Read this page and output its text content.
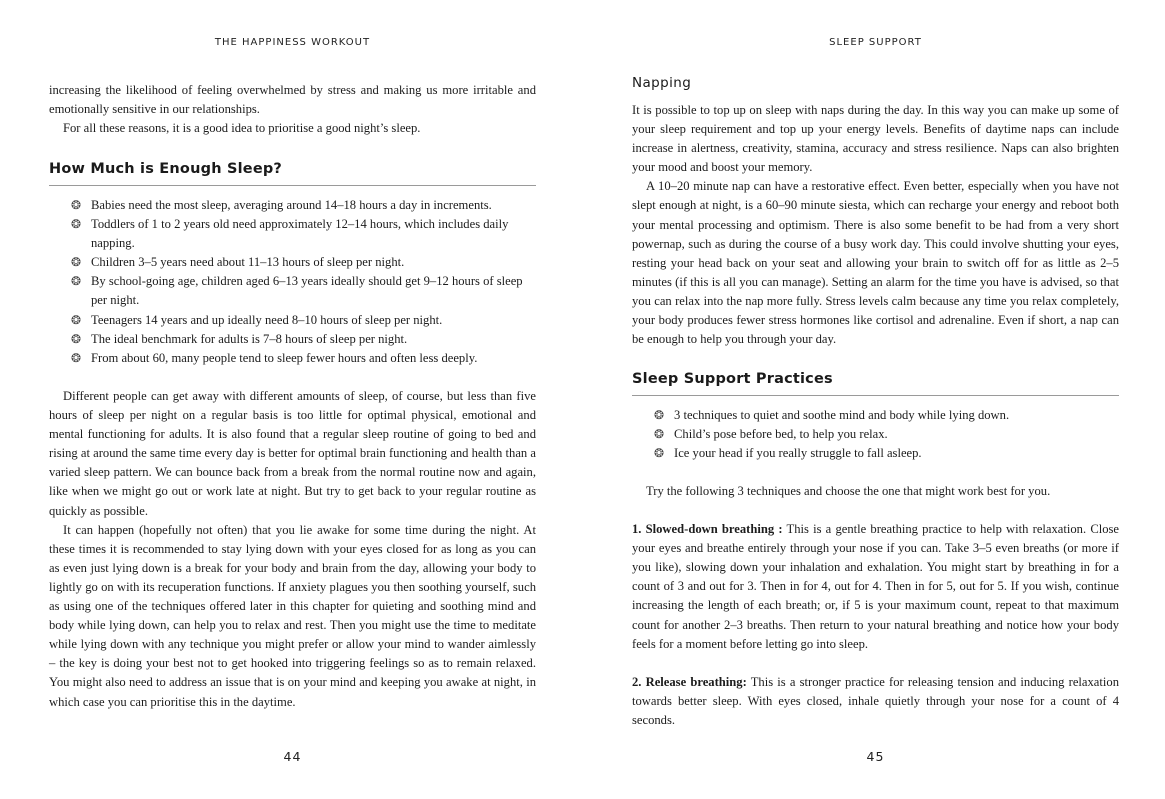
THE HAPPINESS WORKOUT

increasing the likelihood of feeling overwhelmed by stress and making us more irritable and emotionally sensitive in our relationships.

For all these reasons, it is a good idea to prioritise a good night’s sleep.

How Much is Enough Sleep?
❂ Babies need the most sleep, averaging around 14–18 hours a day in increments.
❂ Toddlers of 1 to 2 years old need approximately 12–14 hours, which includes daily napping.
❂ Children 3–5 years need about 11–13 hours of sleep per night.
❂ By school-going age, children aged 6–13 years ideally should get 9–12 hours of sleep per night.
❂ Teenagers 14 years and up ideally need 8–10 hours of sleep per night.
❂ The ideal benchmark for adults is 7–8 hours of sleep per night.
❂ From about 60, many people tend to sleep fewer hours and often less deeply.

Different people can get away with different amounts of sleep, of course, but less than five hours of sleep per night on a regular basis is too little for optimal physical, emotional and mental functioning for adults. It is also found that a regular sleep routine of going to bed and rising at around the same time every day is better for optimal brain functioning and health than a varied sleep pattern. We can bounce back from a break from the normal routine now and again, like when we might go out or work late at night. But try to get back to your regular routine as quickly as possible.

It can happen (hopefully not often) that you lie awake for some time during the night. At these times it is recommended to stay lying down with your eyes closed for as long as you can as even just lying down is a break for your body and brain from the day, allowing your body to lightly go on with its recuperation functions. If anxiety plagues you then soothing yourself, such as using one of the techniques offered later in this chapter for quieting and soothing mind and body while lying down, can help you to relax and rest. Then you might use the time to meditate while lying down with any technique you might prefer or allow your mind to wander aimlessly – the key is doing your best not to get hooked into triggering feelings so as to remain relaxed. You might also need to address an issue that is on your mind and keeping you awake at night, in which case you can prioritise this in the daytime.

44
SLEEP SUPPORT
Napping

It is possible to top up on sleep with naps during the day. In this way you can make up some of your sleep requirement and top up your energy levels. Benefits of daytime naps can include increase in alertness, creativity, stamina, accuracy and stress resilience. Naps can also brighten your mood and boost your memory.

A 10–20 minute nap can have a restorative effect. Even better, especially when you have not slept enough at night, is a 60–90 minute siesta, which can recharge your energy and reboot both your mental processing and optimism. There is also some benefit to be had from a very short powernap, such as during the course of a busy work day. This could involve shutting your eyes, resting your head back on your seat and allowing your brain to switch off for as little as 2–5 minutes (if this is all you can manage). Setting an alarm for the time you have is advised, so that you can relax into the nap more fully. Stress levels calm because any time you relax completely, your body produces fewer stress hormones like cortisol and adrenaline. Even if short, a nap can be enough to help you through your day.

Sleep Support Practices
❂ 3 techniques to quiet and soothe mind and body while lying down.
❂ Child’s pose before bed, to help you relax.
❂ Ice your head if you really struggle to fall asleep.

Try the following 3 techniques and choose the one that might work best for you.

1. Slowed-down breathing : This is a gentle breathing practice to help with relaxation. Close your eyes and breathe entirely through your nose if you can. Take 3–5 even breaths (or more if you like), slowing down your inhalation and exhalation. You might start by breathing in for a count of 3 and out for 3. Then in for 4, out for 4. Then in for 5, out for 5. If you wish, continue increasing the length of each breath; or, if 5 is your maximum count, repeat to that maximum count for another 2–3 breaths. Then return to your natural breathing and notice how your body feels for a moment before letting go into sleep.

2. Release breathing: This is a stronger practice for releasing tension and inducing relaxation towards better sleep. With eyes closed, inhale quietly through your nose for a count of 4 seconds.

45
